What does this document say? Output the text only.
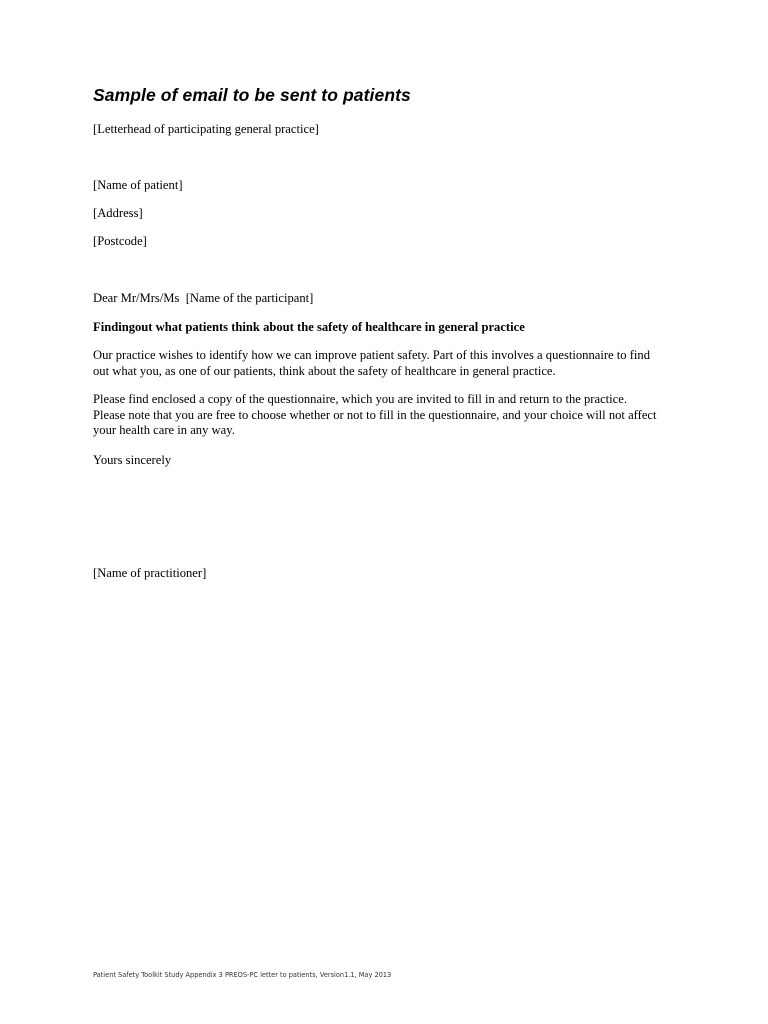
Sample of email to be sent to patients
[Letterhead of participating general practice]
[Name of patient]
[Address]
[Postcode]
Dear Mr/Mrs/Ms  [Name of the participant]
Findingout what patients think about the safety of healthcare in general practice
Our practice wishes to identify how we can improve patient safety. Part of this involves a questionnaire to find
out what you, as one of our patients, think about the safety of healthcare in general practice.
Please find enclosed a copy of the questionnaire, which you are invited to fill in and return to the practice.
Please note that you are free to choose whether or not to fill in the questionnaire, and your choice will not affect
your health care in any way.
Yours sincerely
[Name of practitioner]
Patient Safety Toolkit Study Appendix 3 PREOS-PC letter to patients, Version1.1, May 2013
